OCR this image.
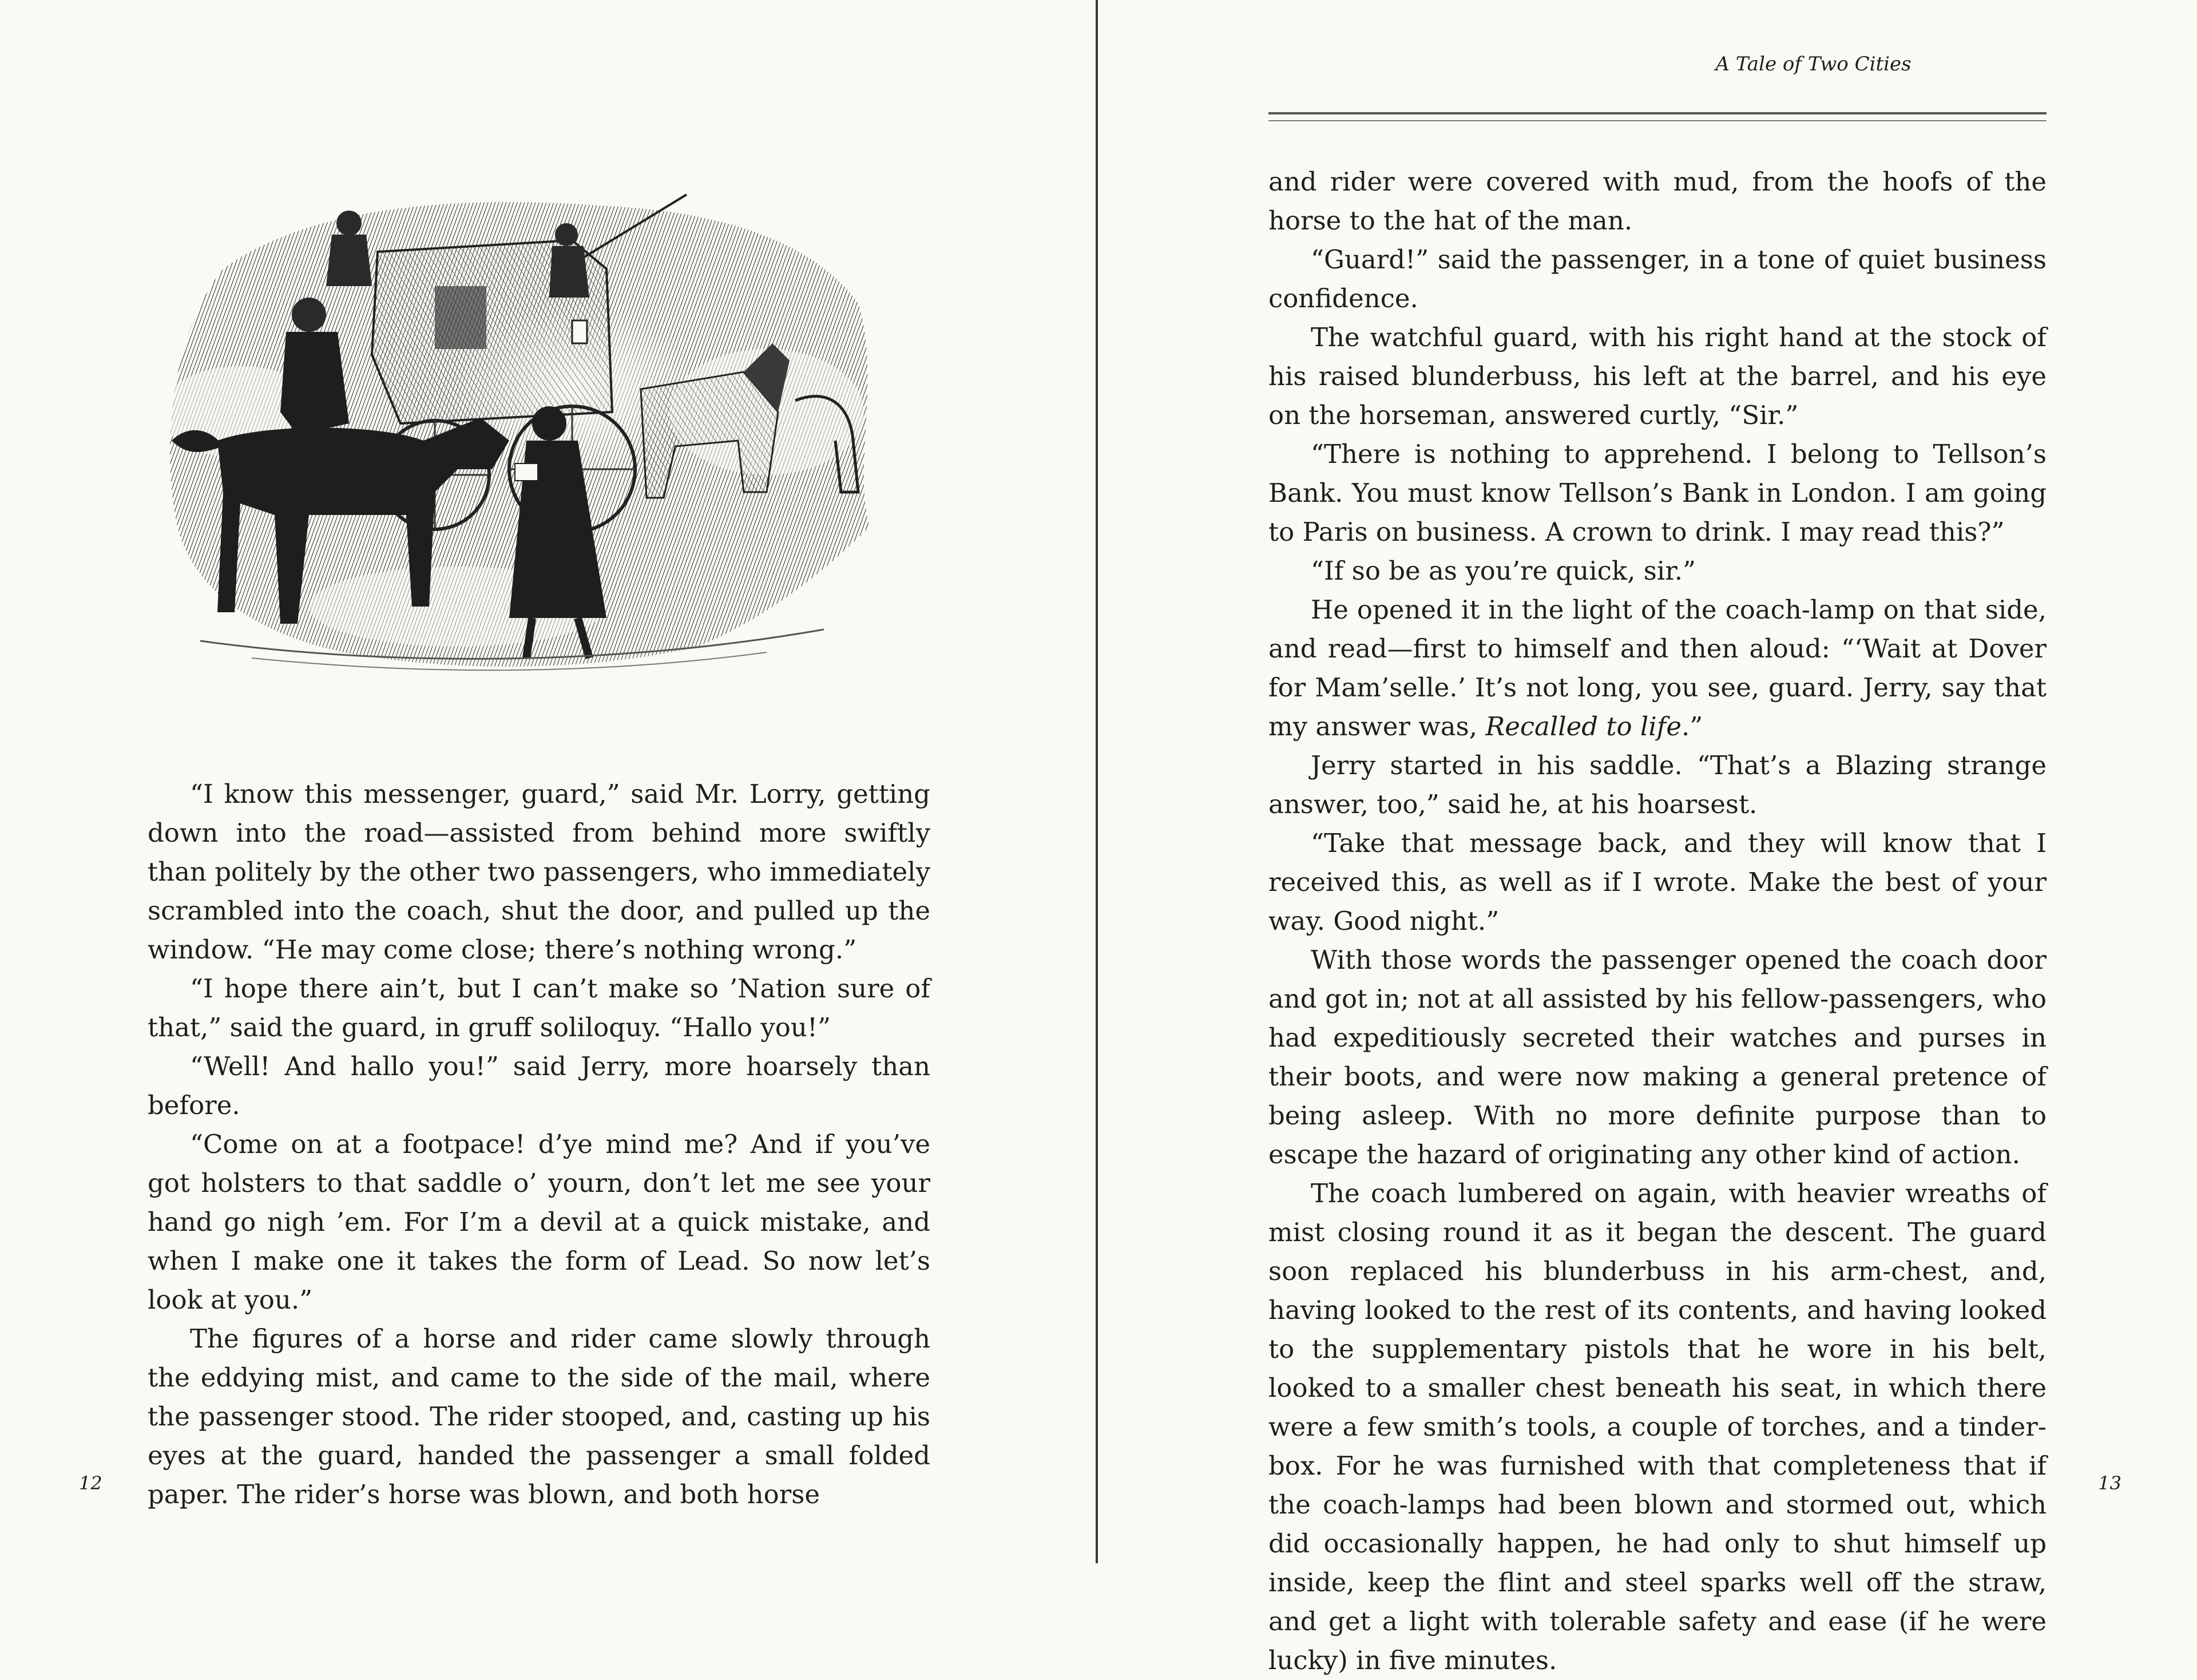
“I know this messenger, guard,” said Mr. Lorry, getting down into the road—assisted from behind more swiftly than politely by the other two passengers, who immediately scrambled into the coach, shut the door, and pulled up the window. “He may come close; there’s nothing wrong.”

“I hope there ain’t, but I can’t make so ’Nation sure of that,” said the guard, in gruff soliloquy. “Hallo you!”

“Well! And hallo you!” said Jerry, more hoarsely than before.

“Come on at a footpace! d’ye mind me? And if you’ve got holsters to that saddle o’ yourn, don’t let me see your hand go nigh ’em. For I’m a devil at a quick mistake, and when I make one it takes the form of Lead. So now let’s look at you.”

The figures of a horse and rider came slowly through the eddying mist, and came to the side of the mail, where the passenger stood. The rider stooped, and, casting up his eyes at the guard, handed the passenger a small folded paper. The rider’s horse was blown, and both horse

12
A Tale of Two Cities

and rider were covered with mud, from the hoofs of the horse to the hat of the man.

“Guard!” said the passenger, in a tone of quiet business confidence.

The watchful guard, with his right hand at the stock of his raised blunderbuss, his left at the barrel, and his eye on the horseman, answered curtly, “Sir.”

“There is nothing to apprehend. I belong to Tellson’s Bank. You must know Tellson’s Bank in London. I am going to Paris on business. A crown to drink. I may read this?”

“If so be as you’re quick, sir.”

He opened it in the light of the coach-lamp on that side, and read—first to himself and then aloud: “‘Wait at Dover for Mam’selle.’ It’s not long, you see, guard. Jerry, say that my answer was, Recalled to life.”

Jerry started in his saddle. “That’s a Blazing strange answer, too,” said he, at his hoarsest.

“Take that message back, and they will know that I received this, as well as if I wrote. Make the best of your way. Good night.”

With those words the passenger opened the coach door and got in; not at all assisted by his fellow-passengers, who had expeditiously secreted their watches and purses in their boots, and were now making a general pretence of being asleep. With no more definite purpose than to escape the hazard of originating any other kind of action.

The coach lumbered on again, with heavier wreaths of mist closing round it as it began the descent. The guard soon replaced his blunderbuss in his arm-chest, and, having looked to the rest of its contents, and having looked to the supplementary pistols that he wore in his belt, looked to a smaller chest beneath his seat, in which there were a few smith’s tools, a couple of torches, and a tinder-box. For he was furnished with that completeness that if the coach-lamps had been blown and stormed out, which did occasionally happen, he had only to shut himself up inside, keep the flint and steel sparks well off the straw, and get a light with tolerable safety and ease (if he were lucky) in five minutes.

13
